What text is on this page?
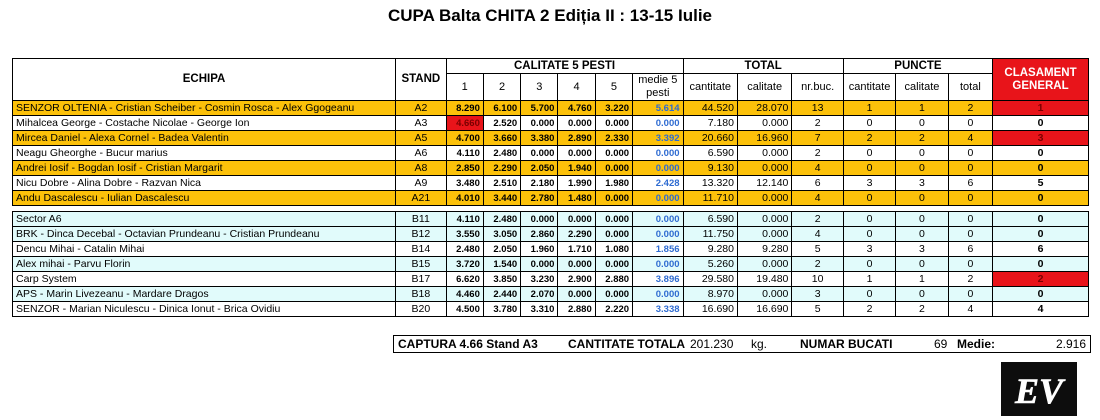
CUPA Balta CHITA 2 Ediția II : 13-15 Iulie
ECHIPA	STAND	CALITATE 5 PESTI						TOTAL			PUNCTE			CLASAMENT GENERAL
		1	2	3	4	5	medie 5 pesti	cantitate	calitate	nr.buc.	cantitate	calitate	total	
SENZOR OLTENIA - Cristian Scheiber - Cosmin Rosca - Alex Ggogeanu	A2	8.290	6.100	5.700	4.760	3.220	5.614	44.520	28.070	13	1	1	2	1
Mihalcea George - Costache Nicolae - George Ion	A3	4.660	2.520	0.000	0.000	0.000	0.000	7.180	0.000	2	0	0	0	0
Mircea Daniel - Alexa Cornel - Badea Valentin	A5	4.700	3.660	3.380	2.890	2.330	3.392	20.660	16.960	7	2	2	4	3
Neagu Gheorghe - Bucur marius	A6	4.110	2.480	0.000	0.000	0.000	0.000	6.590	0.000	2	0	0	0	0
Andrei Iosif - Bogdan Iosif - Cristian Margarit	A8	2.850	2.290	2.050	1.940	0.000	0.000	9.130	0.000	4	0	0	0	0
Nicu Dobre - Alina Dobre - Razvan Nica	A9	3.480	2.510	2.180	1.990	1.980	2.428	13.320	12.140	6	3	3	6	5
Andu Dascalescu - Iulian Dascalescu	A21	4.010	3.440	2.780	1.480	0.000	0.000	11.710	0.000	4	0	0	0	0

Sector A6	B11	4.110	2.480	0.000	0.000	0.000	0.000	6.590	0.000	2	0	0	0	0
BRK - Dinca Decebal - Octavian Prundeanu - Cristian Prundeanu	B12	3.550	3.050	2.860	2.290	0.000	0.000	11.750	0.000	4	0	0	0	0
Dencu Mihai - Catalin Mihai	B14	2.480	2.050	1.960	1.710	1.080	1.856	9.280	9.280	5	3	3	6	6
Alex mihai - Parvu Florin	B15	3.720	1.540	0.000	0.000	0.000	0.000	5.260	0.000	2	0	0	0	0
Carp System	B17	6.620	3.850	3.230	2.900	2.880	3.896	29.580	19.480	10	1	1	2	2
APS - Marin Livezeanu - Mardare Dragos	B18	4.460	2.440	2.070	0.000	0.000	0.000	8.970	0.000	3	0	0	0	0
SENZOR - Marian Niculescu - Dinica Ionut - Brica Ovidiu	B20	4.500	3.780	3.310	2.880	2.220	3.338	16.690	16.690	5	2	2	4	4
CAPTURA 4.66 Stand A3	CANTITATE TOTALA 201.230 kg.	NUMAR BUCATI	69 Medie:	2.916
EV
